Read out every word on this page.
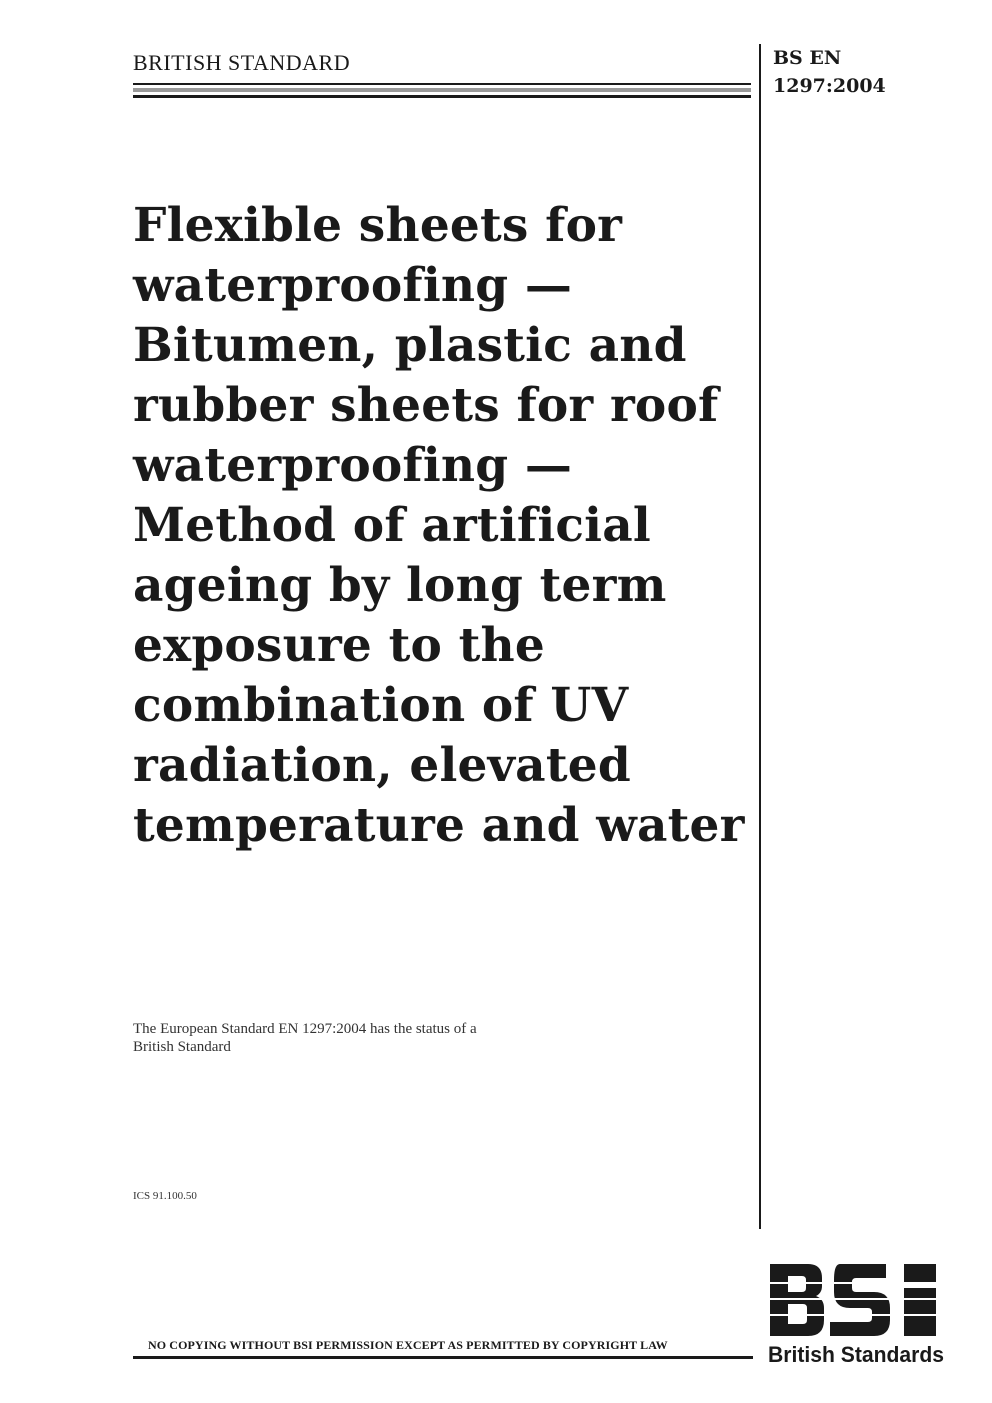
BRITISH STANDARD	BS EN
1297:2004
Flexible sheets for
waterproofing —
Bitumen, plastic and
rubber sheets for roof
waterproofing —
Method of artificial
ageing by long term
exposure to the
combination of UV
radiation, elevated
temperature and water
The European Standard EN 1297:2004 has the status of a
British Standard
ICS 91.100.50
NO COPYING WITHOUT BSI PERMISSION EXCEPT AS PERMITTED BY COPYRIGHT LAW	British Standards
